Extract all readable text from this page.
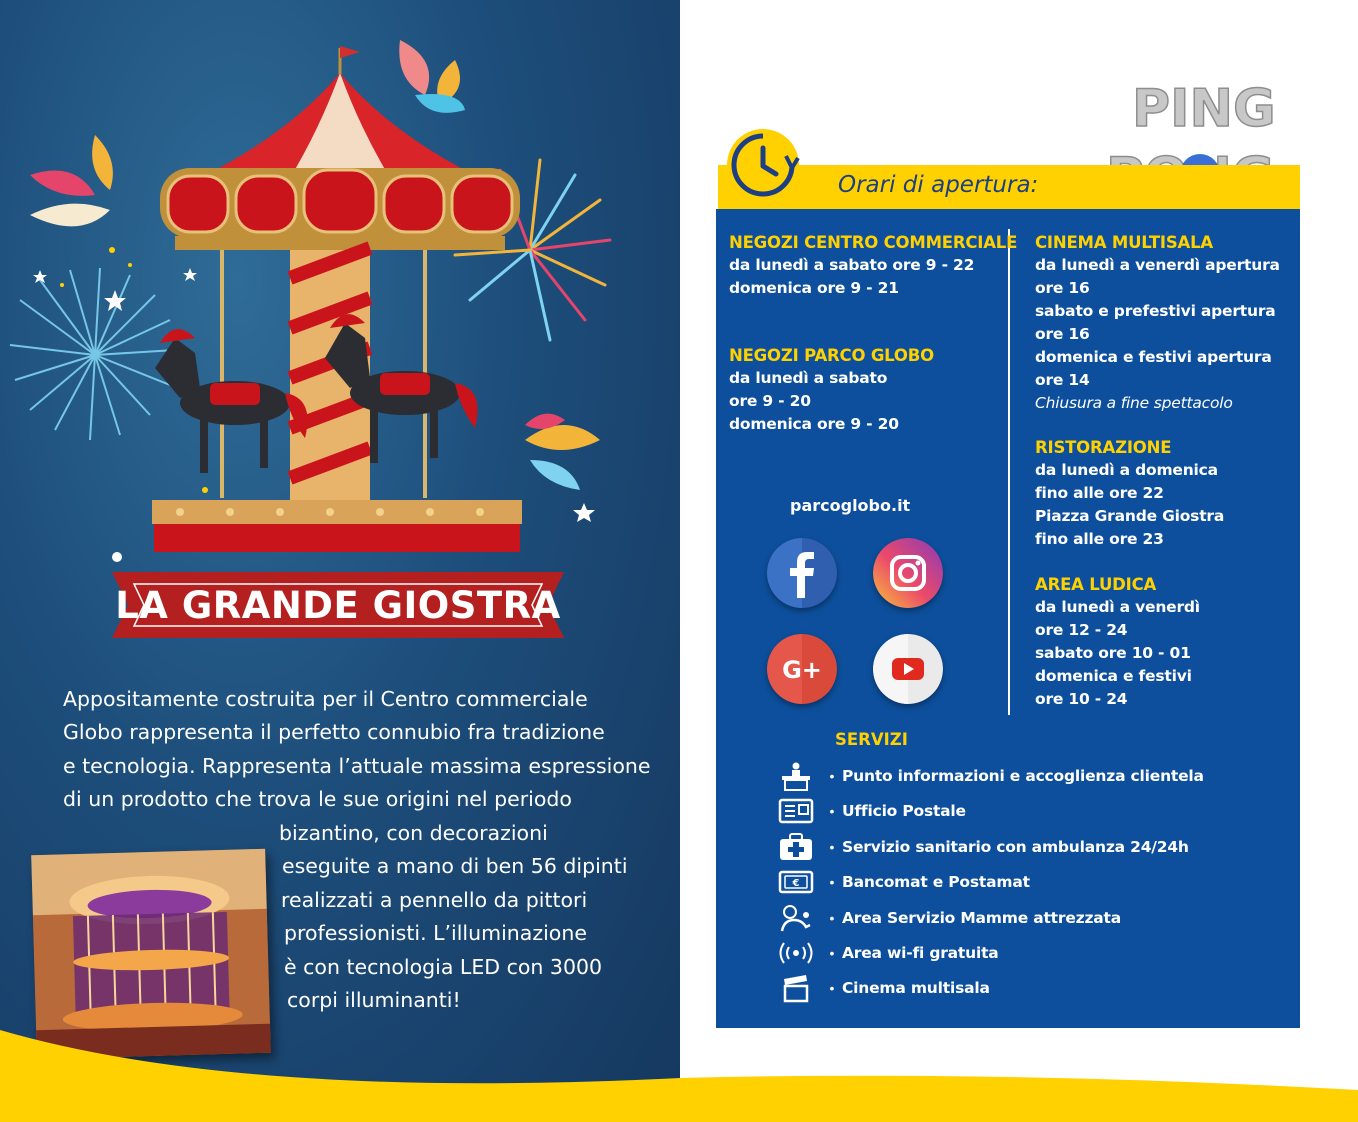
LA GRANDE GIOSTRA
Appositamente costruita per il Centro commerciale
Globo rappresenta il perfetto connubio fra tradizione
e tecnologia. Rappresenta l’attuale massima espressione
di un prodotto che trova le sue origini nel periodo
bizantino, con decorazioni
eseguite a mano di ben 56 dipinti
realizzati a pennello da pittori
professionisti. L’illuminazione
è con tecnologia LED con 3000
corpi illuminanti!
PING
Orari di apertura:
NEGOZI CENTRO COMMERCIALE
da lunedì a sabato ore 9 - 22
domenica ore 9 - 21
NEGOZI PARCO GLOBO
da lunedì a sabato
ore 9 - 20
domenica ore 9 - 20
CINEMA MULTISALA
da lunedì a venerdì apertura
ore 16
sabato e prefestivi apertura
ore 16
domenica e festivi apertura
ore 14
Chiusura a fine spettacolo
RISTORAZIONE
da lunedì a domenica
fino alle ore 22
Piazza Grande Giostra
fino alle ore 23
AREA LUDICA
da lunedì a venerdì
ore 12 - 24
sabato ore 10 - 01
domenica e festivi
ore 10 - 24
parcoglobo.it
G+
SERVIZI
• Punto informazioni e accoglienza clientela
• Ufficio Postale
• Servizio sanitario con ambulanza 24/24h
€	• Bancomat e Postamat
• Area Servizio Mamme attrezzata
• Area wi-fi gratuita
• Cinema multisala
